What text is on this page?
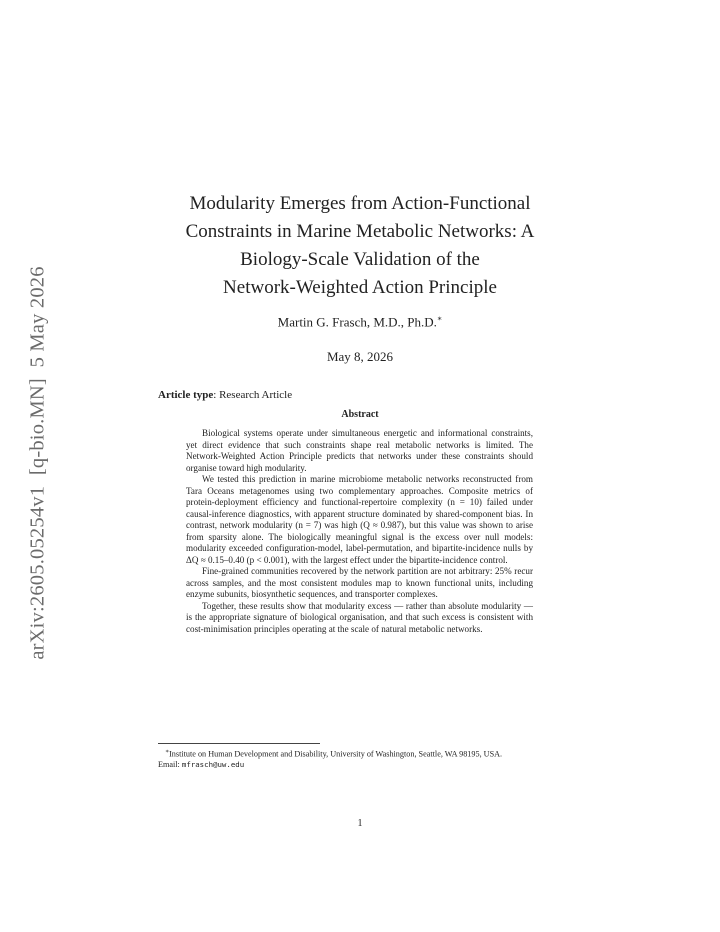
arXiv:2605.05254v1  [q-bio.MN]  5 May 2026
Modularity Emerges from Action-Functional
Constraints in Marine Metabolic Networks: A
Biology-Scale Validation of the
Network-Weighted Action Principle
Martin G. Frasch, M.D., Ph.D.∗
May 8, 2026
Article type: Research Article
Abstract

Biological systems operate under simultaneous energetic and informational constraints, yet direct evidence that such constraints shape real metabolic networks is limited. The Network-Weighted Action Principle predicts that networks under these constraints should organise toward high modularity.

We tested this prediction in marine microbiome metabolic networks reconstructed from Tara Oceans metagenomes using two complementary approaches. Composite metrics of protein-deployment efficiency and functional-repertoire complexity (n = 10) failed under causal-inference diagnostics, with apparent structure dominated by shared-component bias. In contrast, network modularity (n = 7) was high (Q ≈ 0.987), but this value was shown to arise from sparsity alone. The biologically meaningful signal is the excess over null models: modularity exceeded configuration-model, label-permutation, and bipartite-incidence nulls by ΔQ ≈ 0.15–0.40 (p < 0.001), with the largest effect under the bipartite-incidence control.

Fine-grained communities recovered by the network partition are not arbitrary: 25% recur across samples, and the most consistent modules map to known functional units, including enzyme subunits, biosynthetic sequences, and transporter complexes.

Together, these results show that modularity excess — rather than absolute modularity — is the appropriate signature of biological organisation, and that such excess is consistent with cost-minimisation principles operating at the scale of natural metabolic networks.

∗Institute on Human Development and Disability, University of Washington, Seattle, WA 98195, USA.

Email: mfrasch@uw.edu

1
